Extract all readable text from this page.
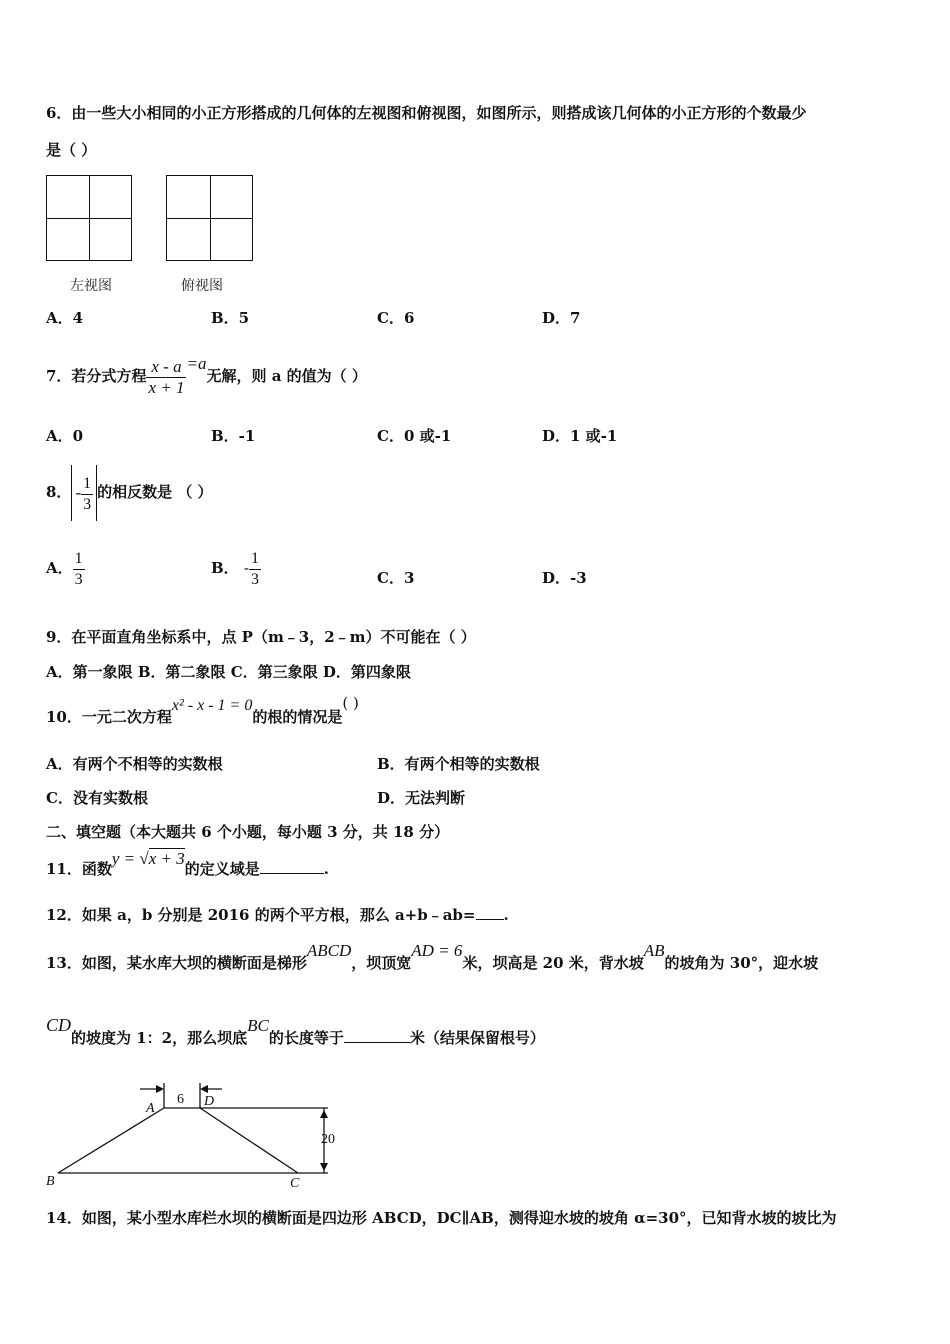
6．由一些大小相同的小正方形搭成的几何体的左视图和俯视图，如图所示，则搭成该几何体的小正方形的个数最少
是（ ）
左视图	俯视图
A．4	B．5	C．6	D．7
7．若分式方程 $\frac{x - a}{x + 1} =a$无解，则 a 的值为（ ）
A．0	B．-1	C．0 或-1	D．1 或-1
8． - $\frac{1}{3}$ 的相反数是 （ ）
A． $\frac{1}{3}$	B． - $\frac{1}{3}$	C．3	D．-3
9．在平面直角坐标系中，点 P（m﹣3，2﹣m）不可能在（ ）
A．第一象限 B．第二象限 C．第三象限 D．第四象限
10．一元二次方程x² - x - 1 = 0的根的情况是( )
A．有两个不相等的实数根	B．有两个相等的实数根
C．没有实数根	D．无法判断
二、填空题（本大题共 6 个小题，每小题 3 分，共 18 分）
11．函数y = √x + 3的定义域是	.
12．如果 a，b 分别是 2016 的两个平方根，那么 a+b﹣ab= .
13．如图，某水库大坝的横断面是梯形ABCD，坝顶宽AD = 6米，坝高是 20 米，背水坡AB的坡角为 30°，迎水坡
CD的坡度为 1：2，那么坝底BC的长度等于	米（结果保留根号）
A	D
B	C
6
20
14．如图，某小型水库栏水坝的横断面是四边形 ABCD，DC∥AB，测得迎水坡的坡角 α=30°，已知背水坡的坡比为
